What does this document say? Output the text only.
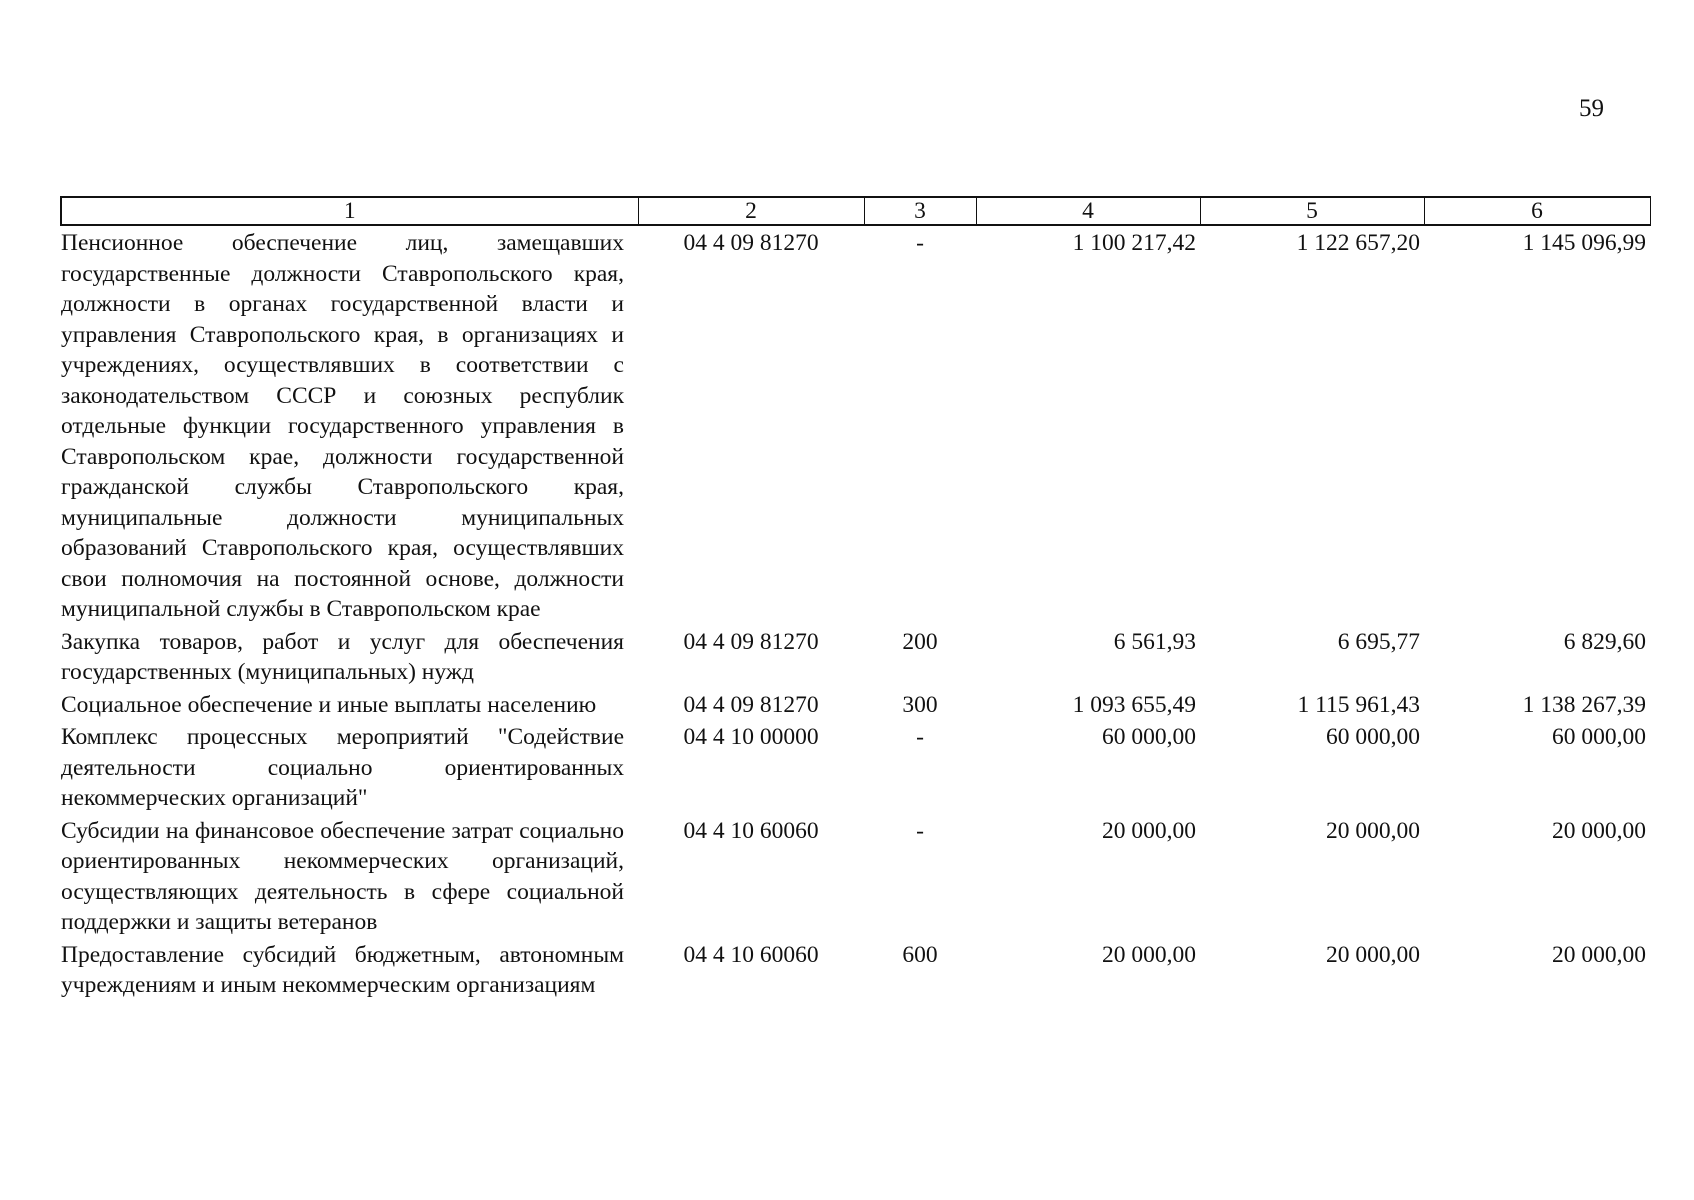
59
1	2	3	4	5	6
Пенсионное обеспечение лиц, замещавших государственные должности Ставропольского края, должности в органах государственной власти и управления Ставропольского края, в организациях и учреждениях, осуществлявших в соответствии с законодательством СССР и союзных республик отдельные функции государственного управления в Ставропольском крае, должности государственной гражданской службы Ставропольского края, муниципальные должности муниципальных образований Ставропольского края, осуществлявших свои полномочия на постоянной основе, должности муниципальной службы в Ставропольском крае	04 4 09 81270	-	1 100 217,42	1 122 657,20	1 145 096,99
Закупка товаров, работ и услуг для обеспечения государственных (муниципальных) нужд	04 4 09 81270	200	6 561,93	6 695,77	6 829,60
Социальное обеспечение и иные выплаты населению	04 4 09 81270	300	1 093 655,49	1 115 961,43	1 138 267,39
Комплекс процессных мероприятий "Содействие деятельности социально ориентированных некоммерческих организаций"	04 4 10 00000	-	60 000,00	60 000,00	60 000,00
Субсидии на финансовое обеспечение затрат социально ориентированных некоммерческих организаций, осуществляющих деятельность в сфере социальной поддержки и защиты ветеранов	04 4 10 60060	-	20 000,00	20 000,00	20 000,00
Предоставление субсидий бюджетным, автономным учреждениям и иным некоммерческим организациям	04 4 10 60060	600	20 000,00	20 000,00	20 000,00
